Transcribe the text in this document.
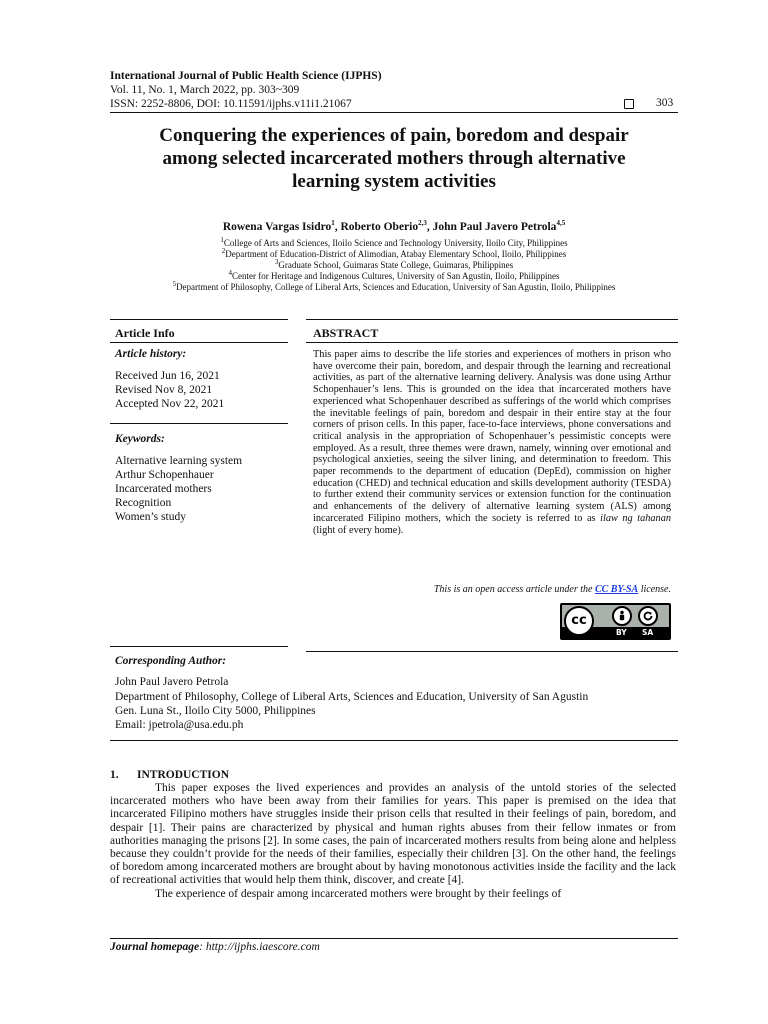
International Journal of Public Health Science (IJPHS)
Vol. 11, No. 1, March 2022, pp. 303~309
ISSN: 2252-8806, DOI: 10.11591/ijphs.v11i1.21067	303
Conquering the experiences of pain, boredom and despair
among selected incarcerated mothers through alternative
learning system activities
Rowena Vargas Isidro$^1$, Roberto Oberio$^{2,3}$, John Paul Javero Petrola$^{4,5}$
$^1$College of Arts and Sciences, Iloilo Science and Technology University, Iloilo City, Philippines
$^2$Department of Education-District of Alimodian, Atabay Elementary School, Iloilo, Philippines
$^3$Graduate School, Guimaras State College, Guimaras, Philippines
$^4$Center for Heritage and Indigenous Cultures, University of San Agustin, Iloilo, Philippines
$^5$Department of Philosophy, College of Liberal Arts, Sciences and Education, University of San Agustin, Iloilo, Philippines
Article Info	ABSTRACT
Article history:
Received Jun 16, 2021
Revised Nov 8, 2021
Accepted Nov 22, 2021
Keywords:
Alternative learning system
Arthur Schopenhauer
Incarcerated mothers
Recognition
Women’s study
This paper aims to describe the life stories and experiences of mothers in prison who have overcome their pain, boredom, and despair through the learning and recreational activities, as part of the alternative learning delivery. Analysis was done using Arthur Schopenhauer’s lens. This is grounded on the idea that incarcerated mothers have experienced what Schopenhauer described as sufferings of the world which comprises the inevitable feelings of pain, boredom and despair in their entire stay at the four corners of prison cells. In this paper, face-to-face interviews, phone conversations and critical analysis in the appropriation of Schopenhauer’s pessimistic concepts were employed. As a result, three themes were drawn, namely, winning over emotional and psychological anxieties, seeing the silver lining, and determination to freedom. This paper recommends to the department of education (DepEd), commission on higher education (CHED) and technical education and skills development authority (TESDA) to further extend their community services or extension function for the continuation and enhancements of the delivery of alternative learning system (ALS) among incarcerated Filipino mothers, which the society is referred to as ilaw ng tahanan (light of every home).
This is an open access article under the CC BY-SA license.
cc
BY SA
Corresponding Author:
John Paul Javero Petrola
Department of Philosophy, College of Liberal Arts, Sciences and Education, University of San Agustin
Gen. Luna St., Iloilo City 5000, Philippines
Email: jpetrola@usa.edu.ph
1. INTRODUCTION

This paper exposes the lived experiences and provides an analysis of the untold stories of the selected incarcerated mothers who have been away from their families for years. This paper is premised on the idea that incarcerated Filipino mothers have struggles inside their prison cells that resulted in their feelings of pain, boredom, and despair [1]. Their pains are characterized by physical and human rights abuses from their fellow inmates or from authorities managing the prisons [2]. In some cases, the pain of incarcerated mothers results from being alone and helpless because they couldn’t provide for the needs of their families, especially their children [3]. On the other hand, the feelings of boredom among incarcerated mothers are brought about by having monotonous activities inside the facility and the lack of recreational activities that would help them think, discover, and create [4].

The experience of despair among incarcerated mothers were brought by their feelings of

Journal homepage: http://ijphs.iaescore.com
